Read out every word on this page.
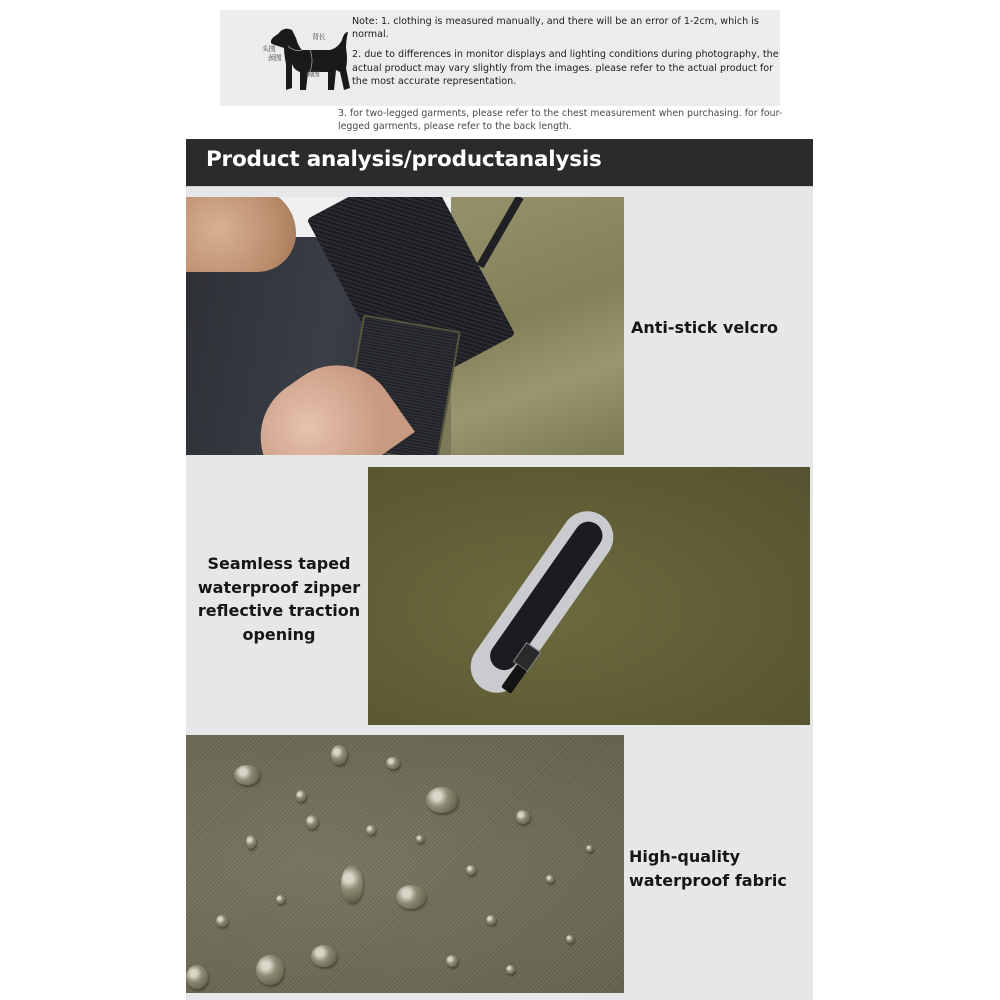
背长
头围
颈围
胸围

Note: 1. clothing is measured manually, and there will be an error of 1-2cm, which is normal.

2. due to differences in monitor displays and lighting conditions during photography, the actual product may vary slightly from the images. please refer to the actual product for the most accurate representation.

3. for two-legged garments, please refer to the chest measurement when purchasing. for four-legged garments, please refer to the back length.
Product analysis/productanalysis
Anti-stick velcro
Seamless taped
waterproof zipper
reflective traction
opening
High-quality
waterproof fabric
